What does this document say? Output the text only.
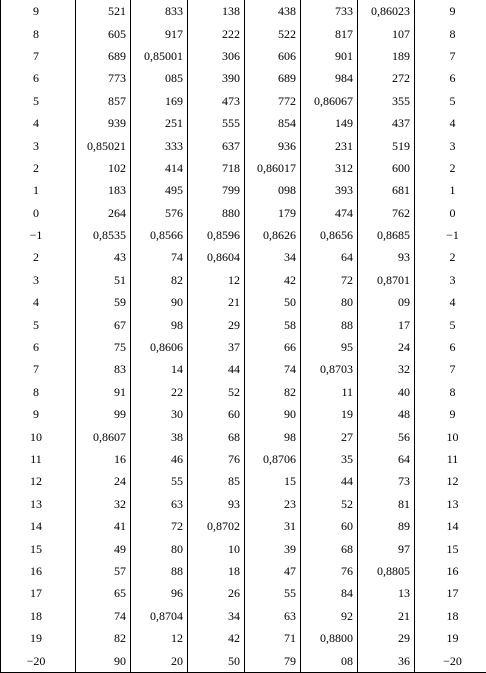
9	521	833	138	438	733	0,86023	9
8	605	917	222	522	817	107	8
7	689	0,85001	306	606	901	189	7
6	773	085	390	689	984	272	6
5	857	169	473	772	0,86067	355	5
4	939	251	555	854	149	437	4
3	0,85021	333	637	936	231	519	3
2	102	414	718	0,86017	312	600	2
1	183	495	799	098	393	681	1
0	264	576	880	179	474	762	0
−1	0,8535	0,8566	0,8596	0,8626	0,8656	0,8685	−1
2	43	74	0,8604	34	64	93	2
3	51	82	12	42	72	0,8701	3
4	59	90	21	50	80	09	4
5	67	98	29	58	88	17	5
6	75	0,8606	37	66	95	24	6
7	83	14	44	74	0,8703	32	7
8	91	22	52	82	11	40	8
9	99	30	60	90	19	48	9
10	0,8607	38	68	98	27	56	10
11	16	46	76	0,8706	35	64	11
12	24	55	85	15	44	73	12
13	32	63	93	23	52	81	13
14	41	72	0,8702	31	60	89	14
15	49	80	10	39	68	97	15
16	57	88	18	47	76	0,8805	16
17	65	96	26	55	84	13	17
18	74	0,8704	34	63	92	21	18
19	82	12	42	71	0,8800	29	19
−20	90	20	50	79	08	36	−20
